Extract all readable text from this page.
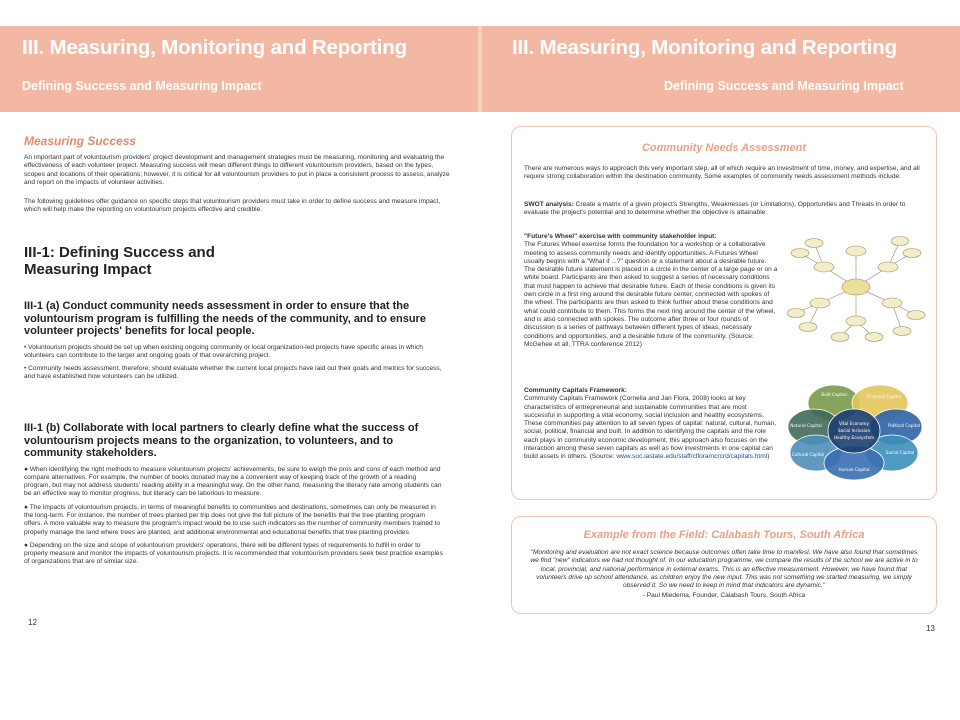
III. Measuring, Monitoring and Reporting
Defining Success and Measuring Impact
III. Measuring, Monitoring and Reporting
Defining Success and Measuring Impact
Measuring Success

An important part of voluntourism providers' project development and management strategies must be measuring, monitoring and evaluating the effectiveness of each volunteer project. Measuring success will mean different things to different voluntourism providers, based on the types, scopes and locations of their operations; however, it is critical for all voluntourism providers to put in place a consistent process to assess, analyze and report on the impacts of volunteer activities.

The following guidelines offer guidance on specific steps that voluntourism providers must take in order to define success and measure impact, which will help make the reporting on voluntourism projects effective and credible.

III-1: Defining Success and Measuring Impact

III-1 (a) Conduct community needs assessment in order to ensure that the voluntourism program is fulfilling the needs of the community, and to ensure volunteer projects' benefits for local people.

• Voluntourism projects should be set up when existing ongoing community or local organization-led projects have specific areas in which volunteers can contribute to the larger and ongoing goals of that overarching project.

• Community needs assessment, therefore, should evaluate whether the current local projects have laid out their goals and metrics for success, and have established how volunteers can be utilized.

III-1 (b) Collaborate with local partners to clearly define what the success of voluntourism projects means to the organization, to volunteers, and to community stakeholders.

● When identifying the right methods to measure voluntourism projects' achievements, be sure to weigh the pros and cons of each method and compare alternatives. For example, the number of books donated may be a convenient way of keeping track of the growth of a reading program, but may not address students' reading ability in a meaningful way. On the other hand, measuring the literacy rate among students can be an effective way to monitor progress, but literacy can be laborious to measure.

● The impacts of voluntourism projects, in terms of meaningful benefits to communities and destinations, sometimes can only be measured in the long-term. For instance, the number of trees planted per trip does not give the full picture of the benefits that the tree planting program offers. A more valuable way to measure the program's impact would be to use such indicators as the number of community members trained to properly manage the land where trees are planted, and additional environmental and educational benefits that tree planting provides.

● Depending on the size and scope of voluntourism providers' operations, there will be different types of requirements to fulfill in order to properly measure and monitor the impacts of voluntourism projects. It is recommended that voluntourism providers seek best practice examples of organizations that are of similar size.

12
Community Needs Assessment

There are numerous ways to approach this very important step, all of which require an investment of time, money, and expertise, and all require strong collaboration within the destination community. Some examples of community needs assessment methods include:

SWOT analysis: Create a matrix of a given project's Strengths, Weaknesses (or Limitations), Opportunities and Threats in order to evaluate the project's potential and to determine whether the objective is attainable.

"Future's Wheel" exercise with community stakeholder input:

The Futures Wheel exercise forms the foundation for a workshop or a collaborative meeting to assess community needs and identify opportunities. A Futures Wheel usually begins with a "What if ...?" question or a statement about a desirable future. The desirable future statement is placed in a circle in the center of a large page or on a white board. Participants are then asked to suggest a series of necessary conditions that must happen to achieve that desirable future. Each of these conditions is given its own circle in a first ring around the desirable future center, connected with spokes of the wheel. The participants are then asked to think further about these conditions and what could contribute to them. This forms the next ring around the center of the wheel, and is also connected with spokes. The outcome after three or four rounds of discussion is a series of pathways between different types of ideas, necessary conditions and opportunities, and a desirable future of the community. (Source: McGehee et all, TTRA conference 2012)

Community Capitals Framework:

Community Capitals Framework (Cornelia and Jan Flora, 2008) looks at key characteristics of entrepreneurial and sustainable communities that are most successful in supporting a vital economy, social inclusion and healthy ecosystems. These communities pay attention to all seven types of capital: natural, cultural, human, social, political, financial and built. In addition to identifying the capitals and the role each plays in community economic development, this approach also focuses on the interaction among these seven capitals as well as how investments in one capital can build assets in others. (Source: www.soc.iastate.edu/staff/cflora/ncrcrd/capitals.html)

Built Capital	Financial Capital
Natural Capital	Political Capital
Cultural Capital	Social Capital
Human Capital
Vital Economy
Social Inclusion
Healthy Ecosystem
Example from the Field: Calabash Tours, South Africa

"Monitoring and evaluation are not exact science because outcomes often take time to manifest. We have also found that sometimes we find "new" indicators we had not thought of. In our education programme, we compare the results of the school we are active in to local, provincial, and national performance in external exams. This is an effective measurement. However, we have found that volunteers drive up school attendance, as children enjoy the new input. This was not something we started measuring, we simply observed it. So we need to keep in mind that indicators are dynamic."

- Paul Miedema, Founder, Calabash Tours, South Africa

13
